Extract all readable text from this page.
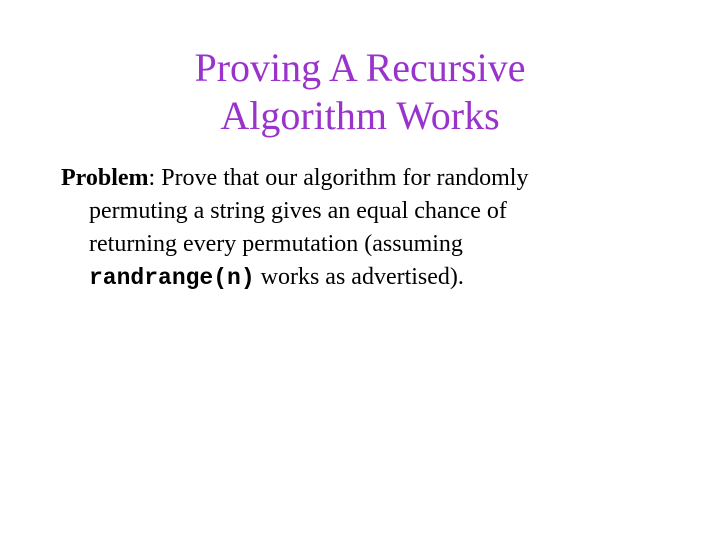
Proving A Recursive
Algorithm Works
Problem: Prove that our algorithm for randomly
permuting a string gives an equal chance of
returning every permutation (assuming
randrange(n) works as advertised).
